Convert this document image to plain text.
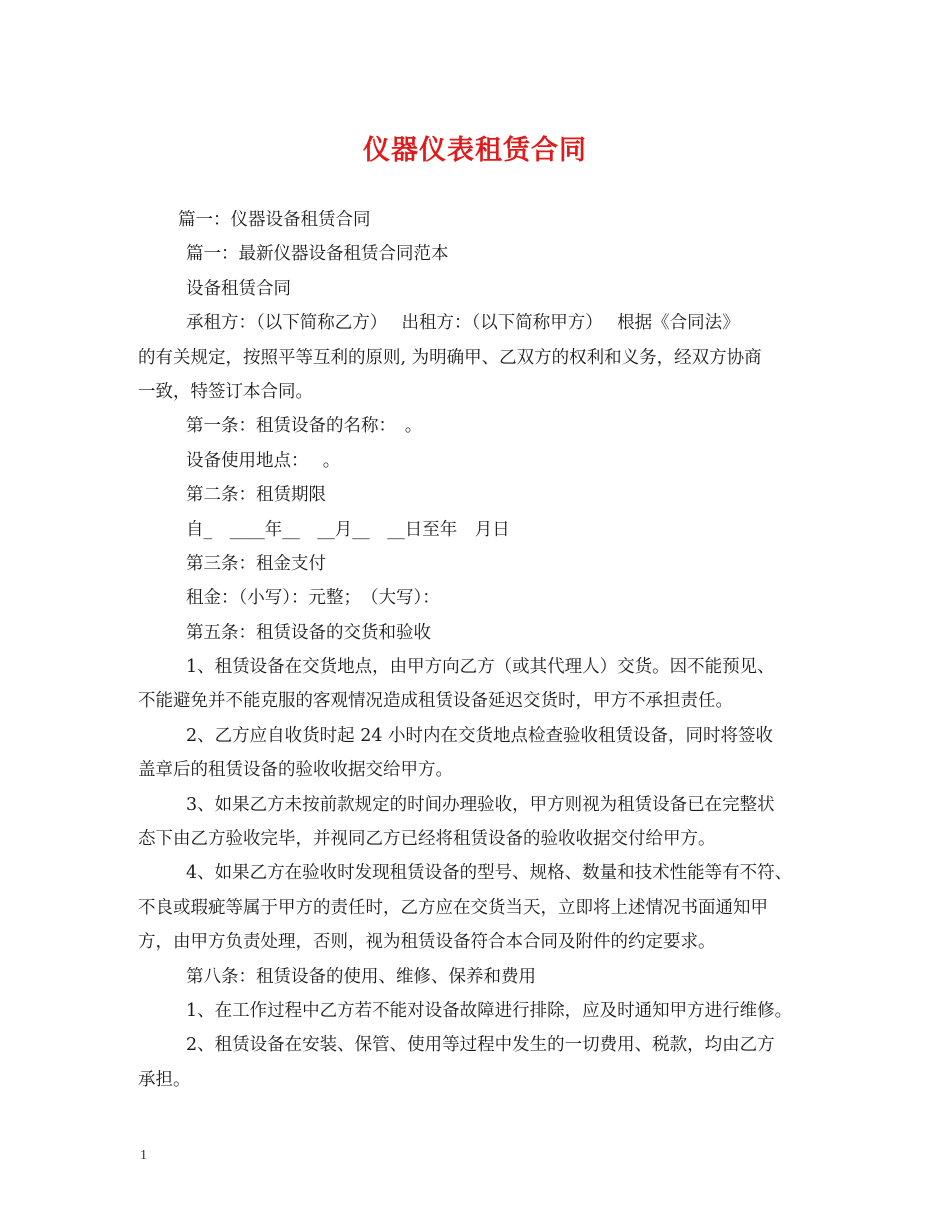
仪器仪表租赁合同
篇一：仪器设备租赁合同
篇一：最新仪器设备租赁合同范本
设备租赁合同
承租方：（以下简称乙方）　 出租方：（以下简称甲方）　 根据《合同法》
的有关规定，按照平等互利的原则, 为明确甲、乙双方的权利和义务，经双方协商
一致，特签订本合同。
第一条：租赁设备的名称：　。
设备使用地点：　 。
第二条：租赁期限
自_　____年__　__月__　__日至年　月日
第三条：租金支付
租金：（小写）：元整；　（大写）：
第五条：租赁设备的交货和验收
1、租赁设备在交货地点，由甲方向乙方（或其代理人）交货。因不能预见、
不能避免并不能克服的客观情况造成租赁设备延迟交货时，甲方不承担责任。
2、乙方应自收货时起 24 小时内在交货地点检查验收租赁设备，同时将签收
盖章后的租赁设备的验收收据交给甲方。
3、如果乙方未按前款规定的时间办理验收，甲方则视为租赁设备已在完整状
态下由乙方验收完毕，并视同乙方已经将租赁设备的验收收据交付给甲方。
4、如果乙方在验收时发现租赁设备的型号、规格、数量和技术性能等有不符、
不良或瑕疵等属于甲方的责任时，乙方应在交货当天，立即将上述情况书面通知甲
方，由甲方负责处理，否则，视为租赁设备符合本合同及附件的约定要求。
第八条：租赁设备的使用、维修、保养和费用
1、在工作过程中乙方若不能对设备故障进行排除，应及时通知甲方进行维修。
2、租赁设备在安装、保管、使用等过程中发生的一切费用、税款，均由乙方
承担。
1
